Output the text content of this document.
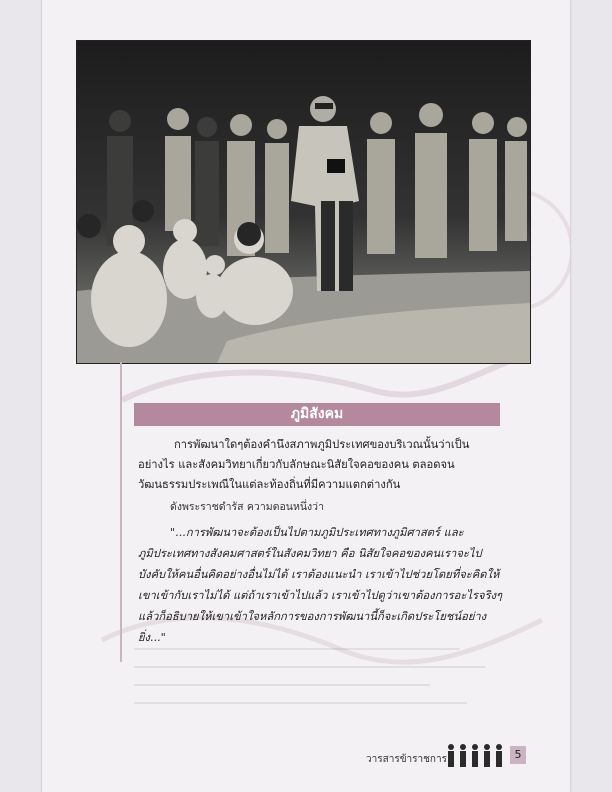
ภูมิสังคม

การพัฒนาใดๆต้องคำนึงสภาพภูมิประเทศของบริเวณนั้นว่าเป็นอย่างไร และสังคมวิทยาเกี่ยวกับลักษณะนิสัยใจคอของคน ตลอดจนวัฒนธรรมประเพณีในแต่ละท้องถิ่นที่มีความแตกต่างกัน

ดังพระราชดำรัส ความตอนหนึ่งว่า

"...การพัฒนาจะต้องเป็นไปตามภูมิประเทศทางภูมิศาสตร์ และภูมิประเทศทางสังคมศาสตร์ในสังคมวิทยา คือ นิสัยใจคอของคนเราจะไปบังคับให้คนอื่นคิดอย่างอื่นไม่ได้ เราต้องแนะนำ เราเข้าไปช่วยโดยที่จะคิดให้เขาเข้ากับเราไม่ได้ แต่ถ้าเราเข้าไปแล้ว เราเข้าไปดูว่าเขาต้องการอะไรจริงๆ แล้วก็อธิบายให้เขาเข้าใจหลักการของการพัฒนานี้ก็จะเกิดประโยชน์อย่างยิ่ง..."

วารสารข้าราชการ	5
